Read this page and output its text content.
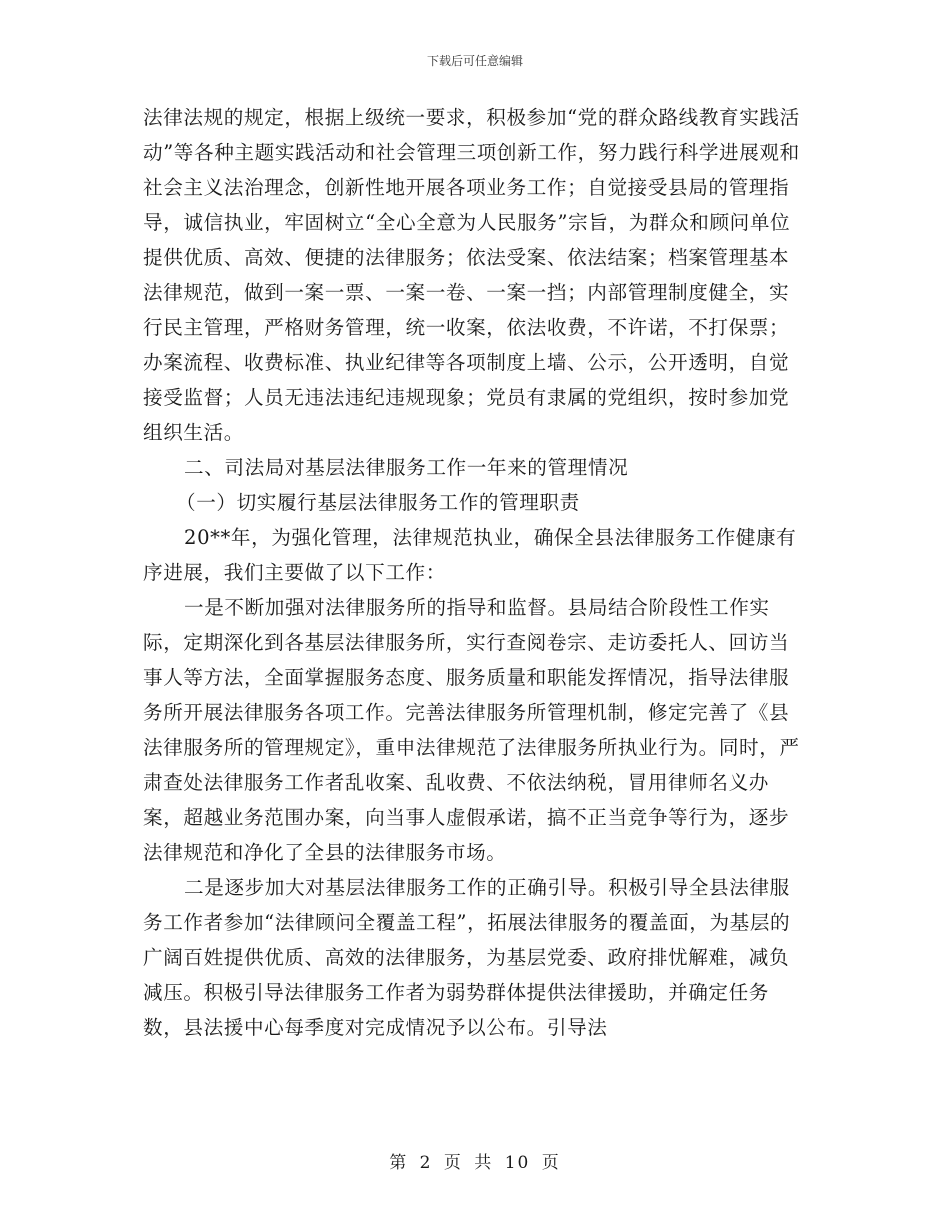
下载后可任意编辑

法律法规的规定，根据上级统一要求，积极参加“党的群众路线教育实践活动”等各种主题实践活动和社会管理三项创新工作，努力践行科学进展观和社会主义法治理念，创新性地开展各项业务工作；自觉接受县局的管理指导，诚信执业，牢固树立“全心全意为人民服务”宗旨，为群众和顾问单位提供优质、高效、便捷的法律服务；依法受案、依法结案；档案管理基本法律规范，做到一案一票、一案一卷、一案一挡；内部管理制度健全，实行民主管理，严格财务管理，统一收案，依法收费，不许诺，不打保票；办案流程、收费标准、执业纪律等各项制度上墙、公示，公开透明，自觉接受监督；人员无违法违纪违规现象；党员有隶属的党组织，按时参加党组织生活。

二、司法局对基层法律服务工作一年来的管理情况

（一）切实履行基层法律服务工作的管理职责

20**年，为强化管理，法律规范执业，确保全县法律服务工作健康有序进展，我们主要做了以下工作：

一是不断加强对法律服务所的指导和监督。县局结合阶段性工作实际，定期深化到各基层法律服务所，实行查阅卷宗、走访委托人、回访当事人等方法，全面掌握服务态度、服务质量和职能发挥情况，指导法律服务所开展法律服务各项工作。完善法律服务所管理机制，修定完善了《县法律服务所的管理规定》，重申法律规范了法律服务所执业行为。同时，严肃查处法律服务工作者乱收案、乱收费、不依法纳税，冒用律师名义办案，超越业务范围办案，向当事人虚假承诺，搞不正当竞争等行为，逐步法律规范和净化了全县的法律服务市场。

二是逐步加大对基层法律服务工作的正确引导。积极引导全县法律服务工作者参加“法律顾问全覆盖工程”，拓展法律服务的覆盖面，为基层的广阔百姓提供优质、高效的法律服务，为基层党委、政府排忧解难，减负减压。积极引导法律服务工作者为弱势群体提供法律援助，并确定任务数，县法援中心每季度对完成情况予以公布。引导法

第 2 页 共 10 页
